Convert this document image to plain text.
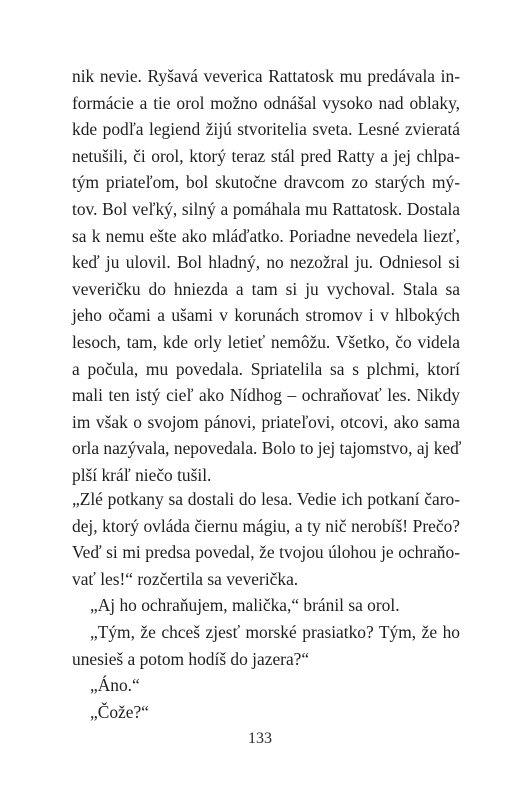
nik nevie. Ryšavá veverica Rattatosk mu predávala in-
formácie a tie orol možno odnášal vysoko nad oblaky,
kde podľa legiend žijú stvoritelia sveta. Lesné zvieratá
netušili, či orol, ktorý teraz stál pred Ratty a jej chlpa-
tým priateľom, bol skutočne dravcom zo starých mý-
tov. Bol veľký, silný a pomáhala mu Rattatosk. Dostala
sa k nemu ešte ako mláďatko. Poriadne nevedela liezť,
keď ju ulovil. Bol hladný, no nezožral ju. Odniesol si
veveričku do hniezda a tam si ju vychoval. Stala sa
jeho očami a ušami v korunách stromov i v hlbokých
lesoch, tam, kde orly letieť nemôžu. Všetko, čo videla
a počula, mu povedala. Spriatelila sa s plchmi, ktorí
mali ten istý cieľ ako Nídhog – ochraňovať les. Nikdy
im však o svojom pánovi, priateľovi, otcovi, ako sama
orla nazývala, nepovedala. Bolo to jej tajomstvo, aj keď
plší kráľ niečo tušil.
„Zlé potkany sa dostali do lesa. Vedie ich potkaní čaro-
dej, ktorý ovláda čiernu mágiu, a ty nič nerobíš! Prečo?
Veď si mi predsa povedal, že tvojou úlohou je ochraňo-
vať les!“ rozčertila sa veverička.
„Aj ho ochraňujem, malička,“ bránil sa orol.
„Tým, že chceš zjesť morské prasiatko? Tým, že ho
unesieš a potom hodíš do jazera?“
„Áno.“
„Čože?“
133
